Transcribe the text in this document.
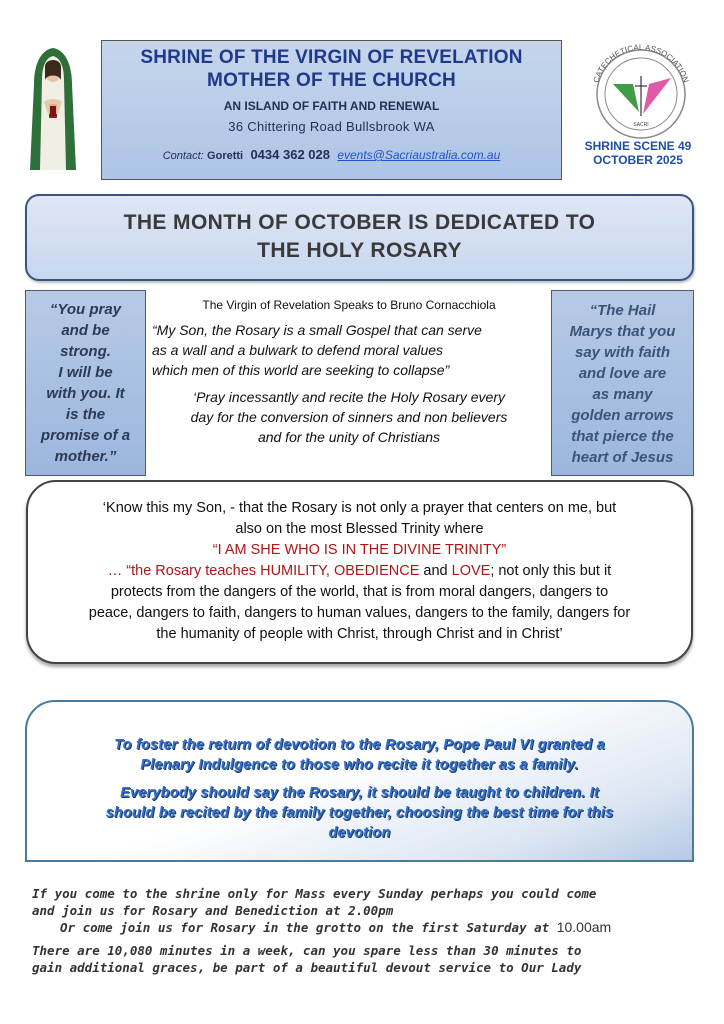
SHRINE OF THE VIRGIN OF REVELATION
MOTHER OF THE CHURCH
AN ISLAND OF FAITH AND RENEWAL
36 Chittering Road Bullsbrook WA
Contact: Goretti 0434 362 028 events@Sacriaustralia.com.au
CATECHETICAL ASSOCIATION
SACRI
SHRINE SCENE 49
OCTOBER 2025
THE MONTH OF OCTOBER IS DEDICATED TO
THE HOLY ROSARY
“You pray
and be
strong.
I will be
with you. It
is the
promise of a
mother.”
The Virgin of Revelation Speaks to Bruno Cornacchiola
“My Son, the Rosary is a small Gospel that can serve
as a wall and a bulwark to defend moral values
which men of this world are seeking to collapse”
‘Pray incessantly and recite the Holy Rosary every
day for the conversion of sinners and non believers
and for the unity of Christians
“The Hail
Marys that you
say with faith
and love are
as many
golden arrows
that pierce the
heart of Jesus
‘Know this my Son, - that the Rosary is not only a prayer that centers on me, but
also on the most Blessed Trinity where
“I AM SHE WHO IS IN THE DIVINE TRINITY”
… “the Rosary teaches HUMILITY, OBEDIENCE and LOVE; not only this but it
protects from the dangers of the world, that is from moral dangers, dangers to
peace, dangers to faith, dangers to human values, dangers to the family, dangers for
the humanity of people with Christ, through Christ and in Christ’

To foster the return of devotion to the Rosary, Pope Paul VI granted a
Plenary Indulgence to those who recite it together as a family.

Everybody should say the Rosary, it should be taught to children. It
should be recited by the family together, choosing the best time for this
devotion

If you come to the shrine only for Mass every Sunday perhaps you could come
and join us for Rosary and Benediction at 2.00pm
Or come join us for Rosary in the grotto on the first Saturday at 10.00am
There are 10,080 minutes in a week, can you spare less than 30 minutes to
gain additional graces, be part of a beautiful devout service to Our Lady
